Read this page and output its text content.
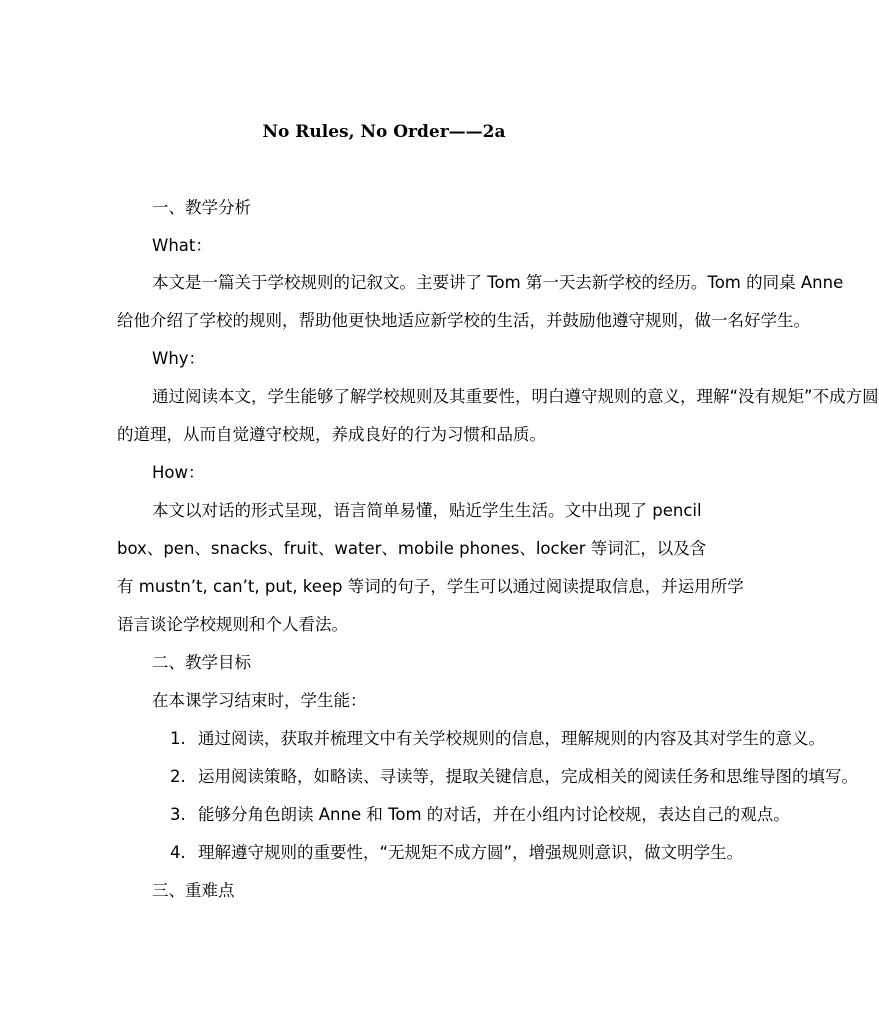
No Rules, No Order——2a
一、教学分析
What：
本文是一篇关于学校规则的记叙文。主要讲了 Tom 第一天去新学校的经历。Tom 的同桌 Anne
给他介绍了学校的规则，帮助他更快地适应新学校的生活，并鼓励他遵守规则，做一名好学生。
Why：
通过阅读本文，学生能够了解学校规则及其重要性，明白遵守规则的意义，理解“没有规矩”不成方圆
的道理，从而自觉遵守校规，养成良好的行为习惯和品质。
How：
本文以对话的形式呈现，语言简单易懂，贴近学生生活。文中出现了 pencil
box、pen、snacks、fruit、water、mobile phones、locker 等词汇，以及含
有 mustn’t, can’t, put, keep 等词的句子，学生可以通过阅读提取信息，并运用所学
语言谈论学校规则和个人看法。
二、教学目标
在本课学习结束时，学生能：
1. 通过阅读，获取并梳理文中有关学校规则的信息，理解规则的内容及其对学生的意义。
2. 运用阅读策略，如略读、寻读等，提取关键信息，完成相关的阅读任务和思维导图的填写。
3. 能够分角色朗读 Anne 和 Tom 的对话，并在小组内讨论校规，表达自己的观点。
4. 理解遵守规则的重要性，“无规矩不成方圆”，增强规则意识，做文明学生。
三、重难点
